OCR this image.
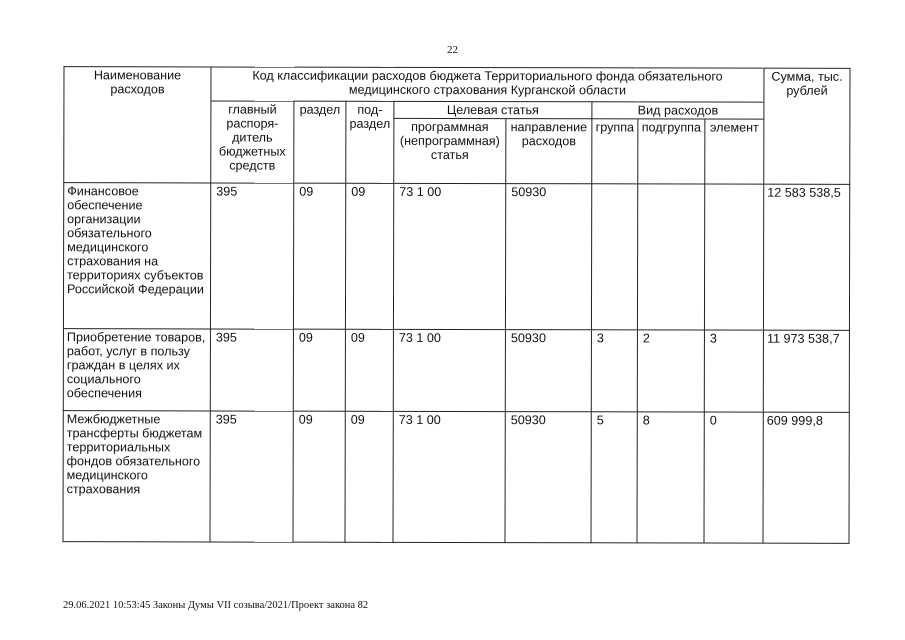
22
Наименование расходов	Код классификации расходов бюджета Территориального фонда обязательного медицинского страхования Курганской области								Сумма, тыс. рублей
	главный распоря-дитель бюджетных средств	раздел	под-раздел	Целевая статья		Вид расходов			
				программная (непрограммная) статья	направление расходов	группа	подгруппа	элемент	
Финансовое обеспечение организации обязательного медицинского страхования на территориях субъектов Российской Федерации	395	09	09	73 1 00	50930				12 583 538,5
Приобретение товаров, работ, услуг в пользу граждан в целях их социального обеспечения	395	09	09	73 1 00	50930	3	2	3	11 973 538,7
Межбюджетные трансферты бюджетам территориальных фондов обязательного медицинского страхования	395	09	09	73 1 00	50930	5	8	0	609 999,8
29.06.2021 10:53:45 Законы Думы VII созыва/2021/Проект закона 82
